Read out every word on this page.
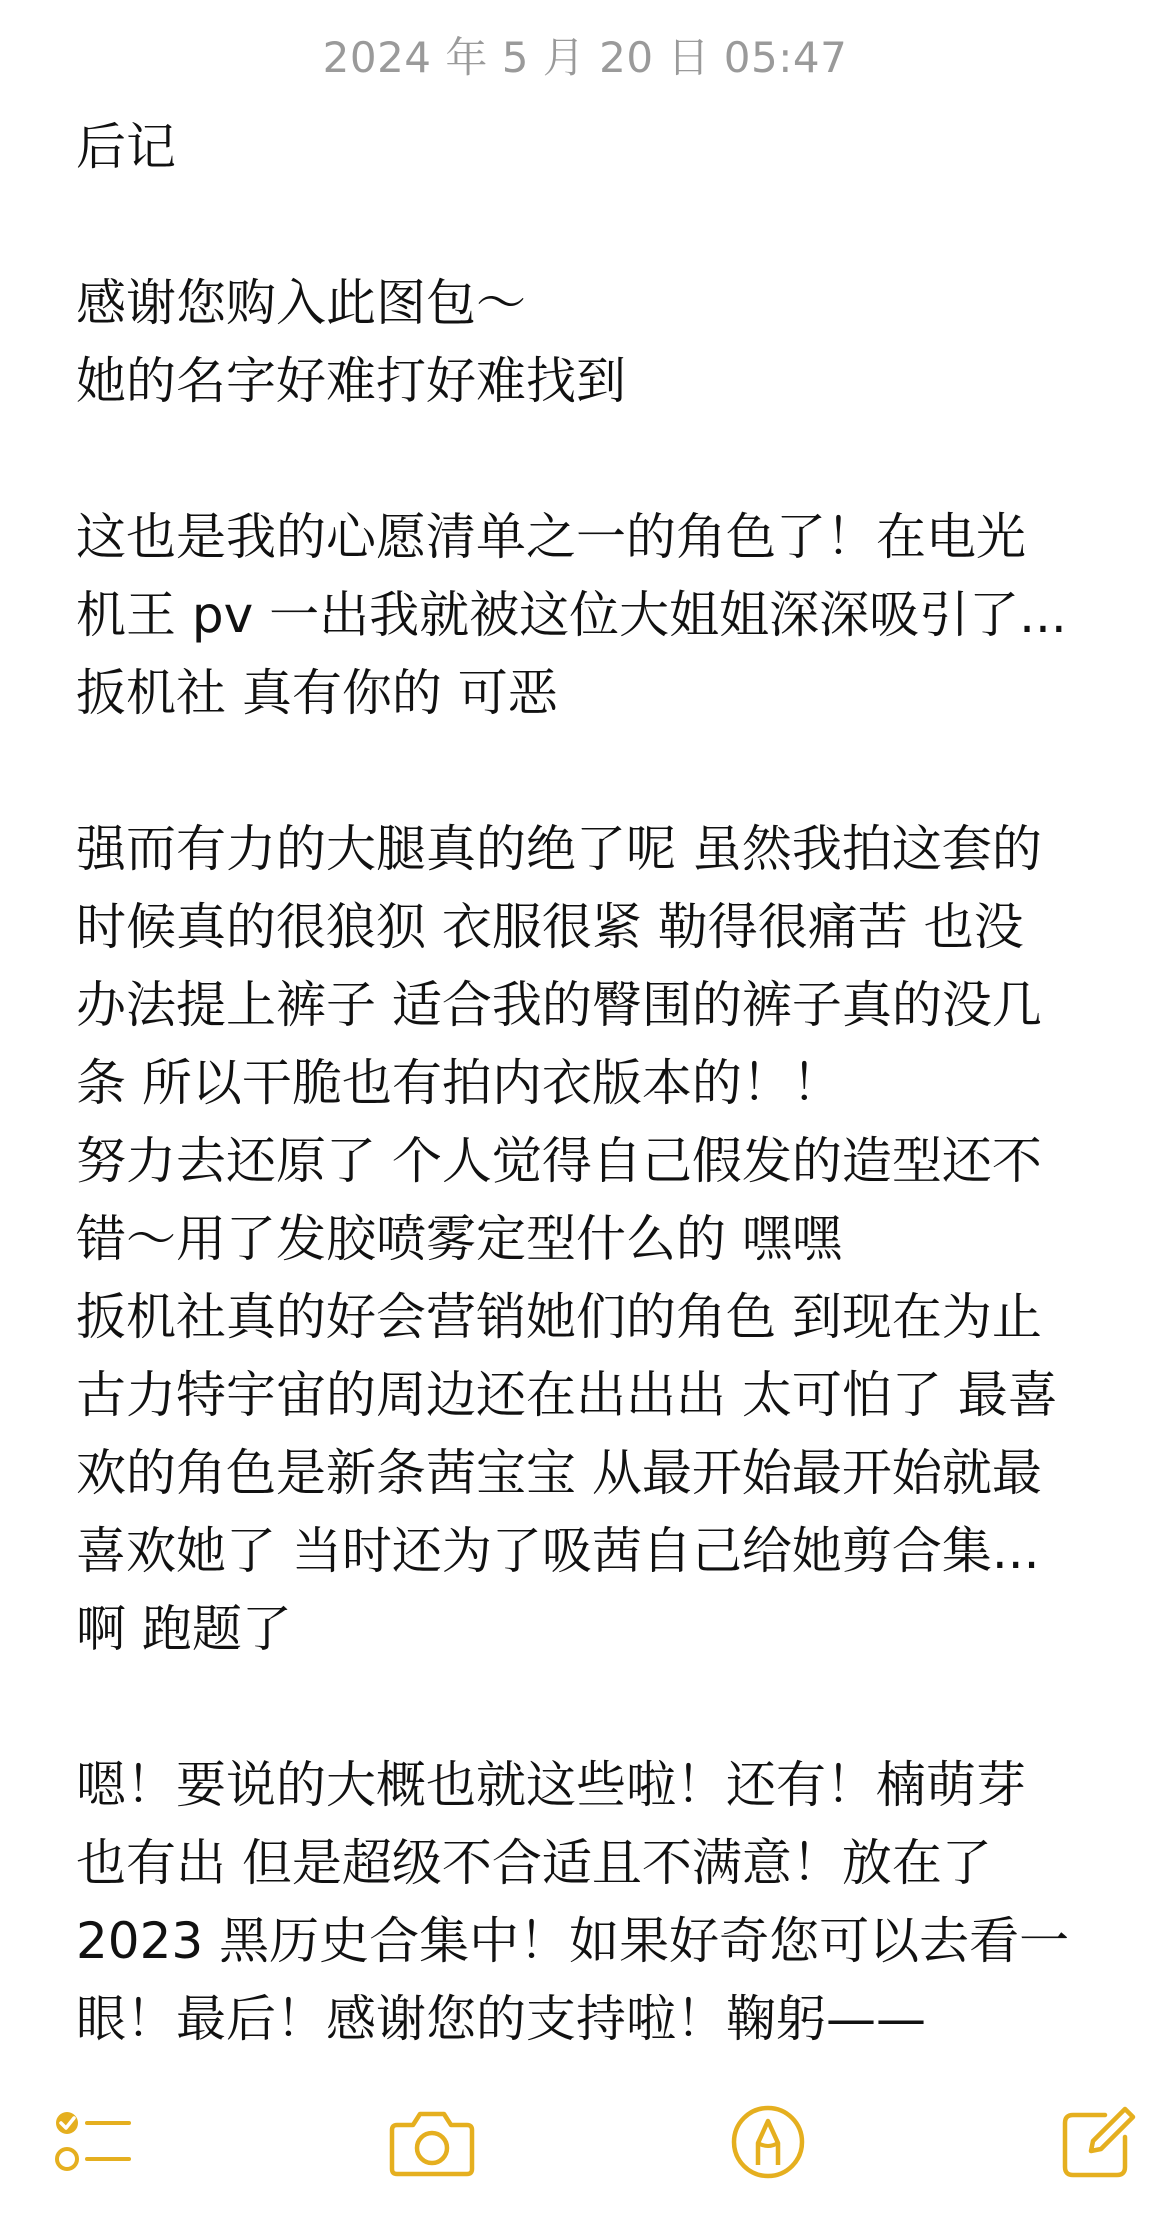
2024 年 5 月 20 日 05:47
后记
感谢您购入此图包～
她的名字好难打好难找到
这也是我的心愿清单之一的角色了！在电光
机王 pv 一出我就被这位大姐姐深深吸引了...
扳机社 真有你的 可恶
强而有力的大腿真的绝了呢 虽然我拍这套的
时候真的很狼狈 衣服很紧 勒得很痛苦 也没
办法提上裤子 适合我的臀围的裤子真的没几
条 所以干脆也有拍内衣版本的！！
努力去还原了 个人觉得自己假发的造型还不
错～用了发胶喷雾定型什么的 嘿嘿
扳机社真的好会营销她们的角色 到现在为止
古力特宇宙的周边还在出出出 太可怕了 最喜
欢的角色是新条茜宝宝 从最开始最开始就最
喜欢她了 当时还为了吸茜自己给她剪合集...
啊 跑题了
嗯！要说的大概也就这些啦！还有！楠萌芽
也有出 但是超级不合适且不满意！放在了
2023 黑历史合集中！如果好奇您可以去看一
眼！最后！感谢您的支持啦！鞠躬——
